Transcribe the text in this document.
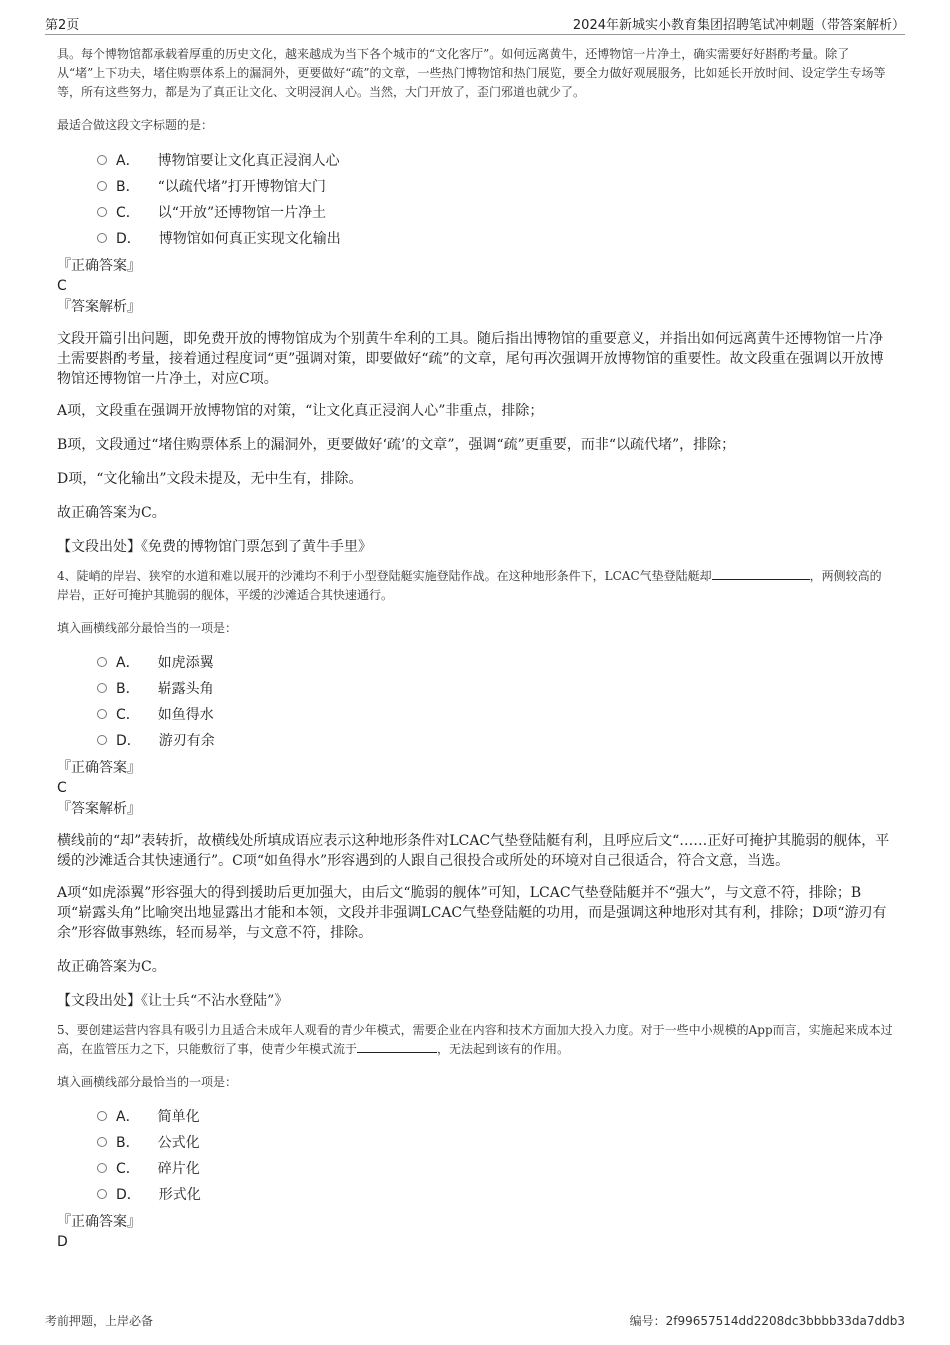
第2页	2024年新城实小教育集团招聘笔试冲刺题（带答案解析）

具。每个博物馆都承载着厚重的历史文化，越来越成为当下各个城市的“文化客厅”。如何远离黄牛，还博物馆一片净土，确实需要好好斟酌考量。除了从“堵”上下功夫，堵住购票体系上的漏洞外，更要做好“疏”的文章，一些热门博物馆和热门展览，要全力做好观展服务，比如延长开放时间、设定学生专场等等，所有这些努力，都是为了真正让文化、文明浸润人心。当然，大门开放了，歪门邪道也就少了。

最适合做这段文字标题的是：

A． 博物馆要让文化真正浸润人心
B． “以疏代堵”打开博物馆大门
C． 以“开放”还博物馆一片净土
D． 博物馆如何真正实现文化输出

『正确答案』

C

『答案解析』

文段开篇引出问题，即免费开放的博物馆成为个别黄牛牟利的工具。随后指出博物馆的重要意义，并指出如何远离黄牛还博物馆一片净土需要斟酌考量，接着通过程度词“更”强调对策，即要做好“疏”的文章，尾句再次强调开放博物馆的重要性。故文段重在强调以开放博物馆还博物馆一片净土，对应C项。

A项，文段重在强调开放博物馆的对策，“让文化真正浸润人心”非重点，排除；

B项，文段通过“堵住购票体系上的漏洞外，更要做好‘疏’的文章”，强调“疏”更重要，而非“以疏代堵”，排除；

D项，“文化输出”文段未提及，无中生有，排除。

故正确答案为C。

【文段出处】《免费的博物馆门票怎到了黄牛手里》

4、陡峭的岸岩、狭窄的水道和难以展开的沙滩均不利于小型登陆艇实施登陆作战。在这种地形条件下，LCAC气垫登陆艇却	，两侧较高的岸岩，正好可掩护其脆弱的舰体，平缓的沙滩适合其快速通行。

填入画横线部分最恰当的一项是：

A． 如虎添翼
B． 崭露头角
C． 如鱼得水
D． 游刃有余

『正确答案』

C

『答案解析』

横线前的“却”表转折，故横线处所填成语应表示这种地形条件对LCAC气垫登陆艇有利，且呼应后文“……正好可掩护其脆弱的舰体，平缓的沙滩适合其快速通行”。C项“如鱼得水”形容遇到的人跟自己很投合或所处的环境对自己很适合，符合文意，当选。

A项“如虎添翼”形容强大的得到援助后更加强大，由后文“脆弱的舰体”可知，LCAC气垫登陆艇并不“强大”，与文意不符，排除；B项“崭露头角”比喻突出地显露出才能和本领，文段并非强调LCAC气垫登陆艇的功用，而是强调这种地形对其有利，排除；D项“游刃有余”形容做事熟练，轻而易举，与文意不符，排除。

故正确答案为C。

【文段出处】《让士兵“不沾水登陆”》

5、要创建运营内容具有吸引力且适合未成年人观看的青少年模式，需要企业在内容和技术方面加大投入力度。对于一些中小规模的App而言，实施起来成本过高，在监管压力之下，只能敷衍了事，使青少年模式流于	，无法起到该有的作用。

填入画横线部分最恰当的一项是：

A． 简单化
B． 公式化
C． 碎片化
D． 形式化

『正确答案』

D

考前押题，上岸必备	编号：2f99657514dd2208dc3bbbb33da7ddb3
